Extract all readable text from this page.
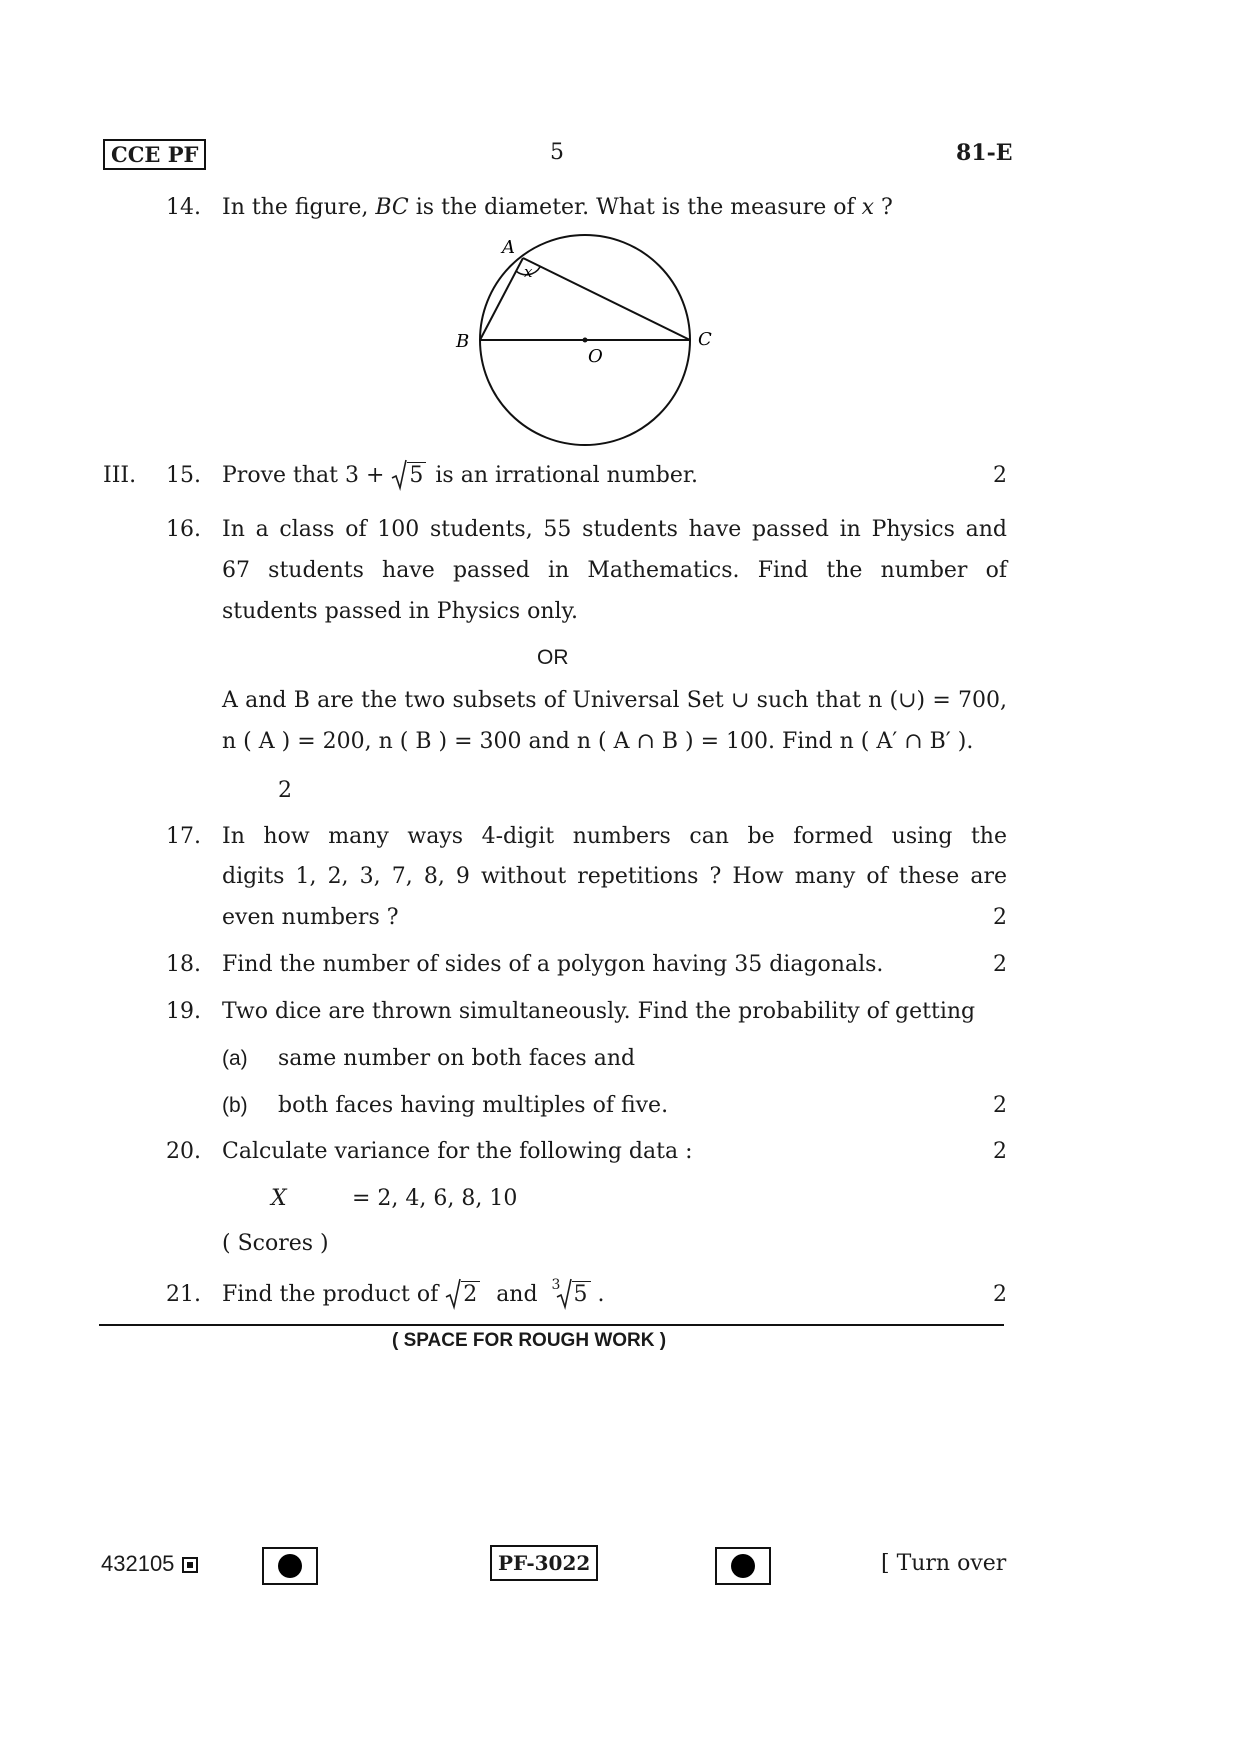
CCE PF	5	81-E
14. In the figure, BC is the diameter. What is the measure of x ?
A
B	C
O
x
III. 15. Prove that 3 +
5 is an irrational number.	2
16. In a class of 100 students, 55 students have passed in Physics and
67 students have passed in Mathematics. Find the number of
students passed in Physics only.
OR
A and B are the two subsets of Universal Set ∪ such that n (∪) = 700,
n ( A ) = 200, n ( B ) = 300 and n ( A ∩ B ) = 100. Find n ( A′ ∩ B′ ).
2
17. In how many ways 4-digit numbers can be formed using the
digits 1, 2, 3, 7, 8, 9 without repetitions ? How many of these are
even numbers ?	2
18. Find the number of sides of a polygon having 35 diagonals.	2
19. Two dice are thrown simultaneously. Find the probability of getting
(a) same number on both faces and
(b) both faces having multiples of five.	2
20. Calculate variance for the following data :	2
X	= 2, 4, 6, 8, 10
( Scores )
21. Find the product of
2  and 3 5 .	2
( SPACE FOR ROUGH WORK )
432105	PF-3022	[ Turn over
